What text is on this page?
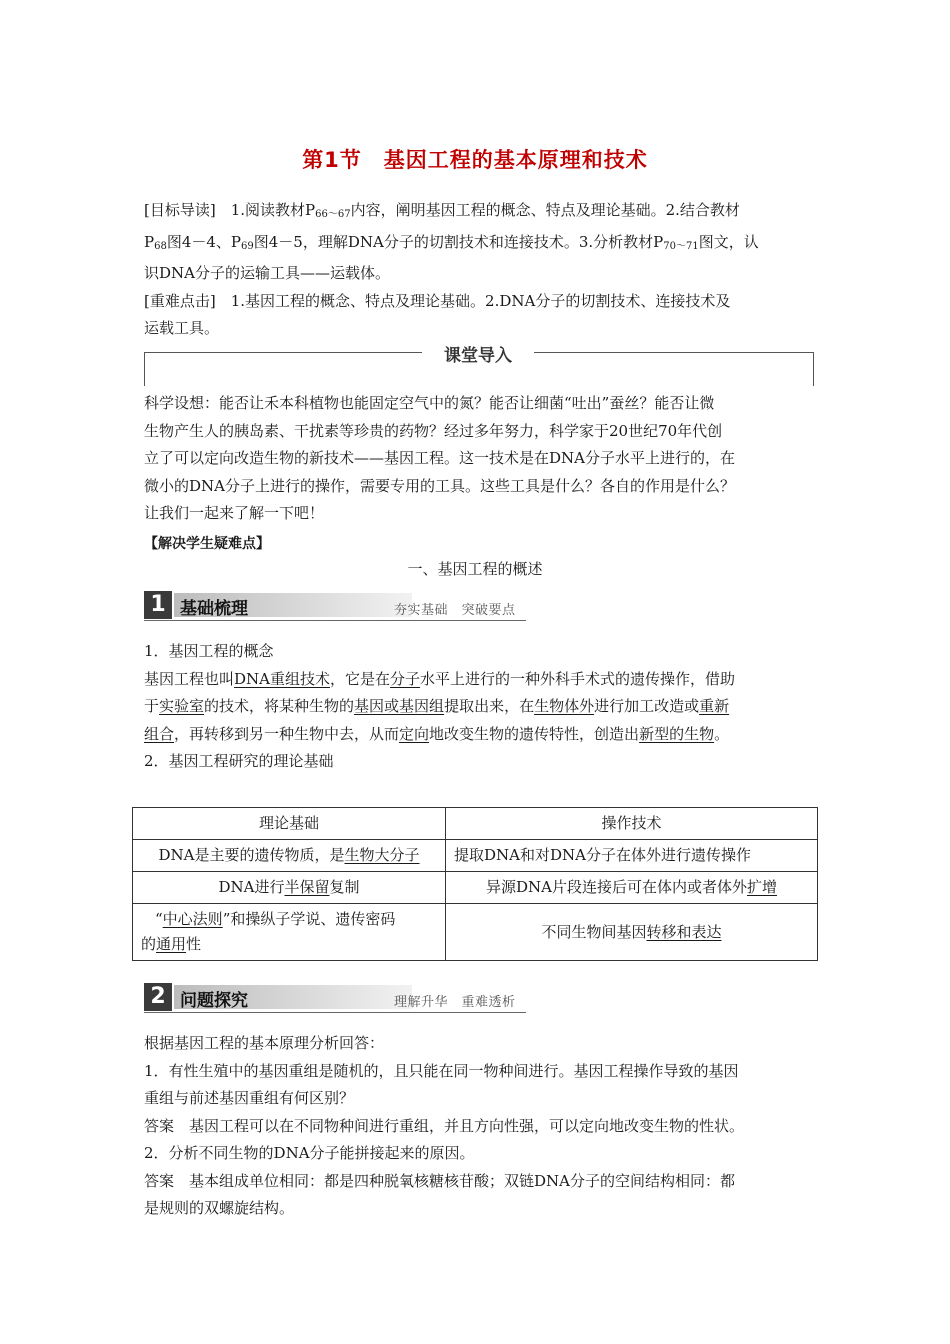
第1节　基因工程的基本原理和技术
[目标导读]　1.阅读教材$P_{66\sim 67}$内容，阐明基因工程的概念、特点及理论基础。2.结合教材
$P_{68}$图4－4、$P_{69}$图4－5，理解DNA分子的切割技术和连接技术。3.分析教材$P_{70\sim 71}$图文，认
识DNA分子的运输工具——运载体。
[重难点击]　1.基因工程的概念、特点及理论基础。2.DNA分子的切割技术、连接技术及
运载工具。
课堂导入
科学设想：能否让禾本科植物也能固定空气中的氮？能否让细菌“吐出”蚕丝？能否让微
生物产生人的胰岛素、干扰素等珍贵的药物？经过多年努力，科学家于20世纪70年代创
立了可以定向改造生物的新技术——基因工程。这一技术是在DNA分子水平上进行的，在
微小的DNA分子上进行的操作，需要专用的工具。这些工具是什么？各自的作用是什么？
让我们一起来了解一下吧！
【解决学生疑难点】
一、基因工程的概述
1 基础梳理	夯实基础　突破要点
1．基因工程的概念
基因工程也叫DNA重组技术，它是在分子水平上进行的一种外科手术式的遗传操作，借助
于实验室的技术，将某种生物的基因或基因组提取出来，在生物体外进行加工改造或重新
组合，再转移到另一种生物中去，从而定向地改变生物的遗传特性，创造出新型的生物。
2．基因工程研究的理论基础
理论基础	操作技术
DNA是主要的遗传物质，是生物大分子	提取DNA和对DNA分子在体外进行遗传操作
DNA进行半保留复制	异源DNA片段连接后可在体内或者体外扩增

“中心法则”和操纵子学说、遗传密码
的通用性	不同生物间基因转移和表达
2 问题探究	理解升华　重难透析
根据基因工程的基本原理分析回答：
1．有性生殖中的基因重组是随机的，且只能在同一物种间进行。基因工程操作导致的基因
重组与前述基因重组有何区别？
答案　基因工程可以在不同物种间进行重组，并且方向性强，可以定向地改变生物的性状。
2．分析不同生物的DNA分子能拼接起来的原因。
答案　基本组成单位相同：都是四种脱氧核糖核苷酸；双链DNA分子的空间结构相同：都
是规则的双螺旋结构。
